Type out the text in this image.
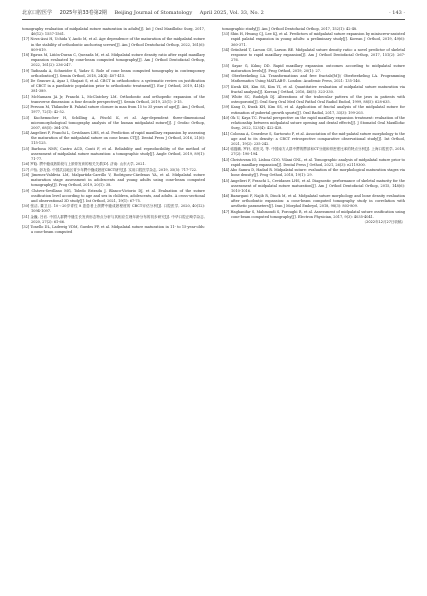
北京口腔医学 2025年第33卷第2期 Beijing Journal of Stomatology April 2025, Vol. 33, No. 2	· 143 ·

tomography evaluation of midpalatal suture maturation in adults[J]. Int J Oral Maxillofac Surg, 2017, 46(12): 1557-1561.

[17] Nova-Assi H, Uchida Y, Ando M, et al. Age dependence of the maturation of the midpalatal suture in the stability of orthodontic anchoring screws[J]. Am J Orthod Dentofacial Orthop, 2022, 161(6): 809-819.

[18] Egawa M, Liñón-Duran C, Quezada M, et al. Midpalatal suture density ratio after rapid maxillary expansion evaluated by cone-beam computed tomography[J]. Am J Orthod Dentofacial Orthop, 2022, 161(2): 236-247.

[19] Tadinada A, Schneider S, Yadav S. Role of cone beam computed tomography in contemporary orthodontics[J]. Semin Orthod, 2018, 24(4): 407-415.

[20] De Grauwe A, Ayaz I, Shujaat S, et al. CBCT in orthodontics: a systematic review on justification of CBCT in a paediatric population prior to orthodontic treatment[J]. Eur J Orthod, 2019, 41(4): 381-389.

[21] McNamara JA Jr, Franchi L, McClatchey LM. Orthodontic and orthopedic expansion of the transverse dimension: a four decade perspective[J]. Semin Orthod, 2019, 25(1): 3-15.

[22] Persson M, Thilander B. Palatal suture closure in man from 15 to 35 years of age[J]. Am J Orthod, 1977, 72(1): 42-52.

[23] Kuchemucher H, Schilling A, Pöschl K, et al. Age-dependent three-dimensional micromorphological tomography analysis of the human midpalatal suture[J]. J Orofac Orthop, 2007, 68(5): 364-376.

[24] Angelieri F, Franchi L, Cevidanes LHS, et al. Prediction of rapid maxillary expansion by assessing the maturation of the midpalatal suture on cone beam CT[J]. Dental Press J Orthod, 2016, 21(6): 115-125.

[25] Barbosa NMV, Castro ACD, Conti F, et al. Reliability and reproducibility of the method of assessment of midpalatal suture maturation: a tomographic study[J]. Angle Orthod, 2019, 89(1): 71-77.

[26] 罗晗. 腭中缝成熟阶段与上颌骨发育的相关关系[D]. 济南: 山东大学, 2021.

[27] 卢怡, 彭友俭. 中国武汉地区青少年腭中缝成熟度CBCT研究[J]. 实用口腔医学杂志, 2019, 35(5): 717-722.

[28] Jimenez-Valdivia LM, Malpartida-Carrillo V, Rodriguez-Cárdenas YA, et al. Midpalatal suture maturation stage assessment in adolescents and young adults using cone-beam computed tomography[J]. Prog Orthod, 2019, 20(1): 38.

[29] Chávez-Sevillano MG, Toledo Estrada J, Blanco-Victorio DJ, et al. Evaluation of the suture ossification level according to age and sex in children, adolescents, and adults. A cross-sectional and observational 3D study[J]. Int Orthod, 2021, 19(1): 67-75.

[30] 张洁, 董卫旦. 10～20岁青性 8 患患者上颌腭中缝成熟程度的 CBCT评估分析[J]. 口腔医学, 2020, 40(12): 1094-1097.

[31] 金巍, 吕岩. 中国人群腭中缝生长发育形态特点分析与其相应生理年龄分布的初步研究[J]. 中华口腔正畸学杂志, 2020, 27(2): 61-66.

[32] Tonello DL, Ladewig VDM, Guedes FP, et al. Midpalatal suture maturation in 11- to 15-year-olds: a cone-beam computed

tomographic study[J]. Am J Orthod Dentofacial Orthop, 2017, 152(1): 42-48.

[33] Shin H, Hwang CJ, Lee KJ, et al. Predictors of midpalatal suture expansion by miniscrew-assisted rapid palatal expansion in young adults: a preliminary study[J]. Korean J Orthod, 2019, 49(6): 360-371.

[34] Grünheid T, Larson CE, Larson BE. Midpalatal suture density ratio: a novel predictor of skeletal response to rapid maxillary expansion[J]. Am J Orthod Dentofacial Orthop, 2017, 151(2): 267-276.

[35] Sayar G, Kılınç DD. Rapid maxillary expansion outcomes according to midpalatal suture maturation levels[J]. Prog Orthod, 2019, 20(1): 27.

[36] Oberbeekeling LA. Transformations and free fractals[M]// Oberbeekeling LA. Programming Mathematics Using MATLAB®. London: Academic Press, 2021: 135-146.

[37] Kwak KH, Kim SS, Kim YI, et al. Quantitative evaluation of midpalatal suture maturation via fractal analysis[J]. Korean J Orthod, 2016, 46(5): 323-330.

[38] White SC, Rudolph DJ. Alterations of the trabecular pattern of the jaws in patients with osteoporosis[J]. Oral Surg Oral Med Oral Pathol Oral Radiol Endod, 1999, 88(5): 628-635.

[39] Kang D, Kwak KH, Kim SS, et al. Application of fractal analysis of the midpalatal suture for estimation of pubertal growth spurts[J]. Oral Radiol, 2017, 33(3): 199-203.

[40] Ok U, Kaya TC. Fractal perspective on the rapid maxillary expansion treatment: evaluation of the relationship between midpalatal suture opening and dental effects[J]. J Stomatol Oral Maxillofac Surg, 2022, 123(4): 422-428.

[41] Colonna A, Cenedese S, Sartorato F, et al. Association of the mid-palatal suture morphology to the age and to its density: a CBCT retrospective comparative observational study[J]. Int Orthod, 2021, 19(2): 235-242.

[42] 骆磊鹏, 罗轩, 邓世灵, 等. 中国南方人群中腭的腭部和CT分级和骨密度比率的特点分析[J]. 上海口腔医学, 2018, 27(2): 190-194.

[43] Christovam IO, Lisboa CDO, Vilani GNL, et al. Tomographic analysis of midpalatal suture prior to rapid maxillary expansion[J]. Dental Press J Orthod, 2021, 26(3): e2119300.

[44] Abo Samra D, Hadad R. Midpalatal suture: evaluation of the morphological maturation stages via bone density[J]. Prog Orthod, 2018, 19(1): 29.

[45] Angelieri F, Franchi L, Cevidanes LHS, et al. Diagnostic performance of skeletal maturity for the assessment of midpalatal suture maturation[J]. Am J Orthod Dentofacial Orthop, 2015, 148(6): 1010-1016.

[46] Bazargani F, Najib R, Dinck M, et al. Midpalatal suture morphology and bone density evaluation after orthodontic expansion: a cone-beam computed tomography study in correlation with aesthetic parameters[J]. Iran J Morphol Embryol, 2018, 98(3): 803-809.

[47] Haghanifar S, Mahmoudi S, Foroughi R, et al. Assessment of midpalatal suture ossification using cone-beam computed tomography[J]. Electron Physician, 2017, 9(3): 4035-4041.

（2022年12月27日收稿）
